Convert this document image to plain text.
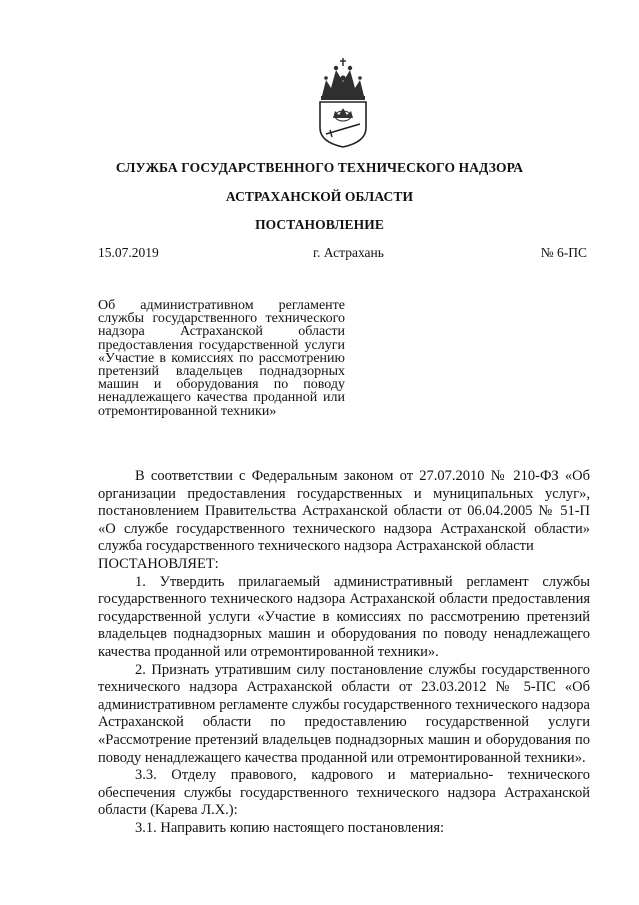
СЛУЖБА ГОСУДАРСТВЕННОГО ТЕХНИЧЕСКОГО НАДЗОРА
АСТРАХАНСКОЙ ОБЛАСТИ
ПОСТАНОВЛЕНИЕ
15.07.2019	г. Астрахань	№ 6-ПС
Об административном регламенте службы государственного технического надзора Астраханской области предоставления государственной услуги «Участие в комиссиях по рассмотрению претензий владельцев поднадзорных машин и оборудования по поводу ненадлежащего качества проданной или отремонтированной техники»

В соответствии с Федеральным законом от 27.07.2010 № 210-ФЗ «Об организации предоставления государственных и муниципальных услуг», постановлением Правительства Астраханской области от 06.04.2005 № 51-П «О службе государственного технического надзора Астраханской области» служба государственного технического надзора Астраханской области

ПОСТАНОВЛЯЕТ:

1. Утвердить прилагаемый административный регламент службы государственного технического надзора Астраханской области предоставления государственной услуги «Участие в комиссиях по рассмотрению претензий владельцев поднадзорных машин и оборудования по поводу ненадлежащего качества проданной или отремонтированной техники».

2. Признать утратившим силу постановление службы государственного технического надзора Астраханской области от 23.03.2012 № 5-ПС «Об административном регламенте службы государственного технического надзора Астраханской области по предоставлению государственной услуги «Рассмотрение претензий владельцев поднадзорных машин и оборудования по поводу ненадлежащего качества проданной или отремонтированной техники».

3.3. Отделу правового, кадрового и материально- технического обеспечения службы государственного технического надзора Астраханской области (Карева Л.Х.):

3.1. Направить копию настоящего постановления:
